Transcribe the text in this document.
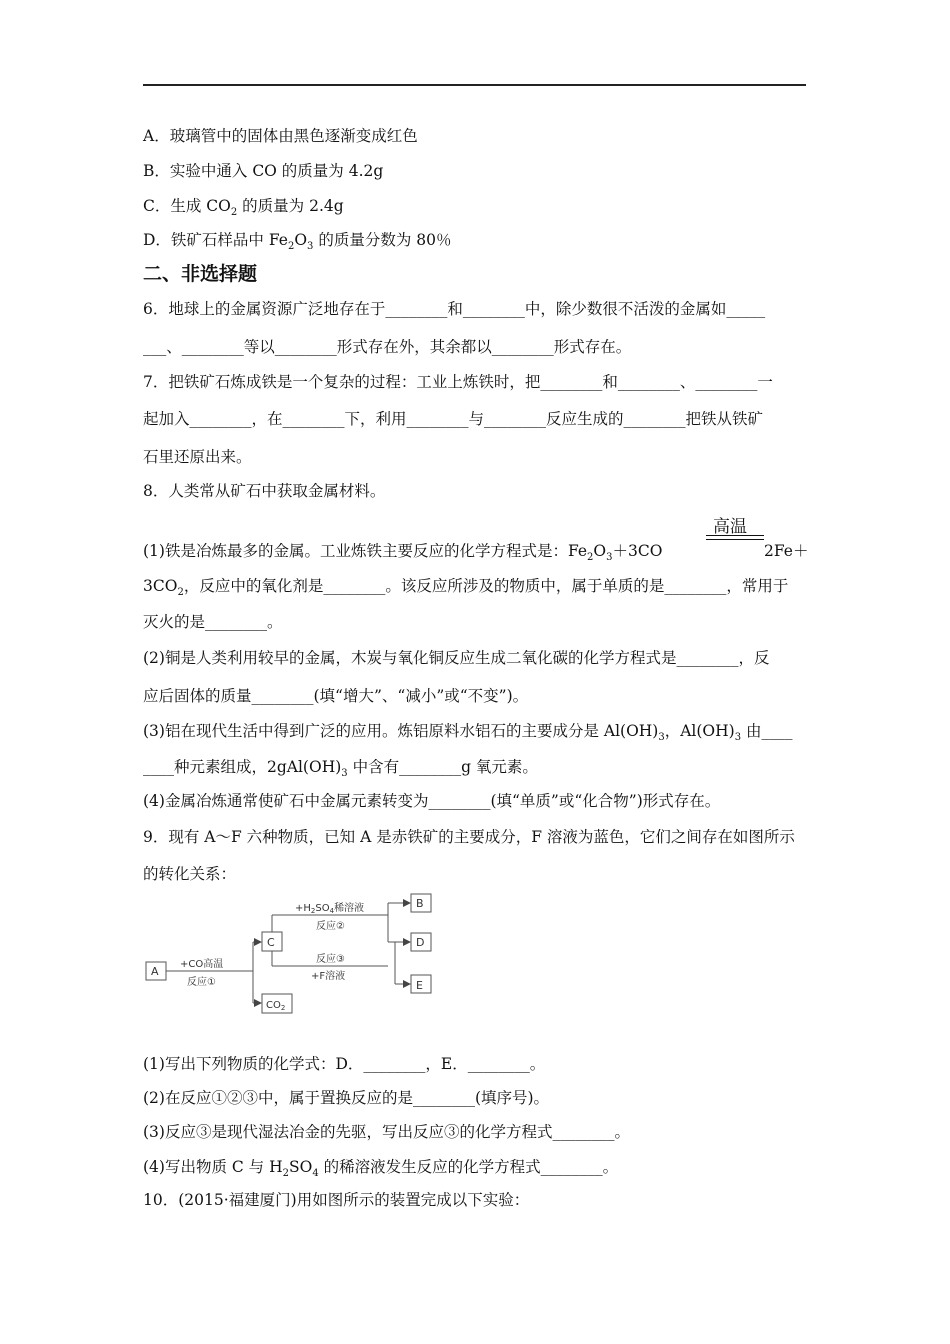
A．玻璃管中的固体由黑色逐渐变成红色
B．实验中通入 CO 的质量为 4.2g
C．生成 $CO_2$ 的质量为 2.4g
D．铁矿石样品中 $Fe_2O_3$ 的质量分数为 80％
二、非选择题
6．地球上的金属资源广泛地存在于________和________中，除少数很不活泼的金属如_____
___、________等以________形式存在外，其余都以________形式存在。
7．把铁矿石炼成铁是一个复杂的过程：工业上炼铁时，把________和________、________一
起加入________，在________下，利用________与________反应生成的________把铁从铁矿
石里还原出来。
8．人类常从矿石中获取金属材料。
高温
(1)铁是冶炼最多的金属。工业炼铁主要反应的化学方程式是：$Fe_2O_3+3CO$	2Fe＋
$3CO_2$，反应中的氧化剂是________。该反应所涉及的物质中，属于单质的是________，常用于
灭火的是________。
(2)铜是人类利用较早的金属，木炭与氧化铜反应生成二氧化碳的化学方程式是________，反
应后固体的质量________(填“增大”、“减小”或“不变”)。
(3)铝在现代生活中得到广泛的应用。炼铝原料水铝石的主要成分是 $Al(OH)_3$，$Al(OH)_3$ 由____
____种元素组成，$2gAl(OH)_3$ 中含有________g 氧元素。
(4)金属冶炼通常使矿石中金属元素转变为________(填“单质”或“化合物”)形式存在。
9．现有 A～F 六种物质，已知 A 是赤铁矿的主要成分，F 溶液为蓝色，它们之间存在如图所示
的转化关系：
A
C
B
D
E
$CO_2$
+CO高温
反应①
$+H_2SO_4$稀溶液
反应②
反应③
+F溶液
(1)写出下列物质的化学式：D．________，E．________。
(2)在反应①②③中，属于置换反应的是________(填序号)。
(3)反应③是现代湿法冶金的先驱，写出反应③的化学方程式________。
(4)写出物质 C 与 $H_2SO_4$ 的稀溶液发生反应的化学方程式________。
10．(2015·福建厦门)用如图所示的装置完成以下实验：
